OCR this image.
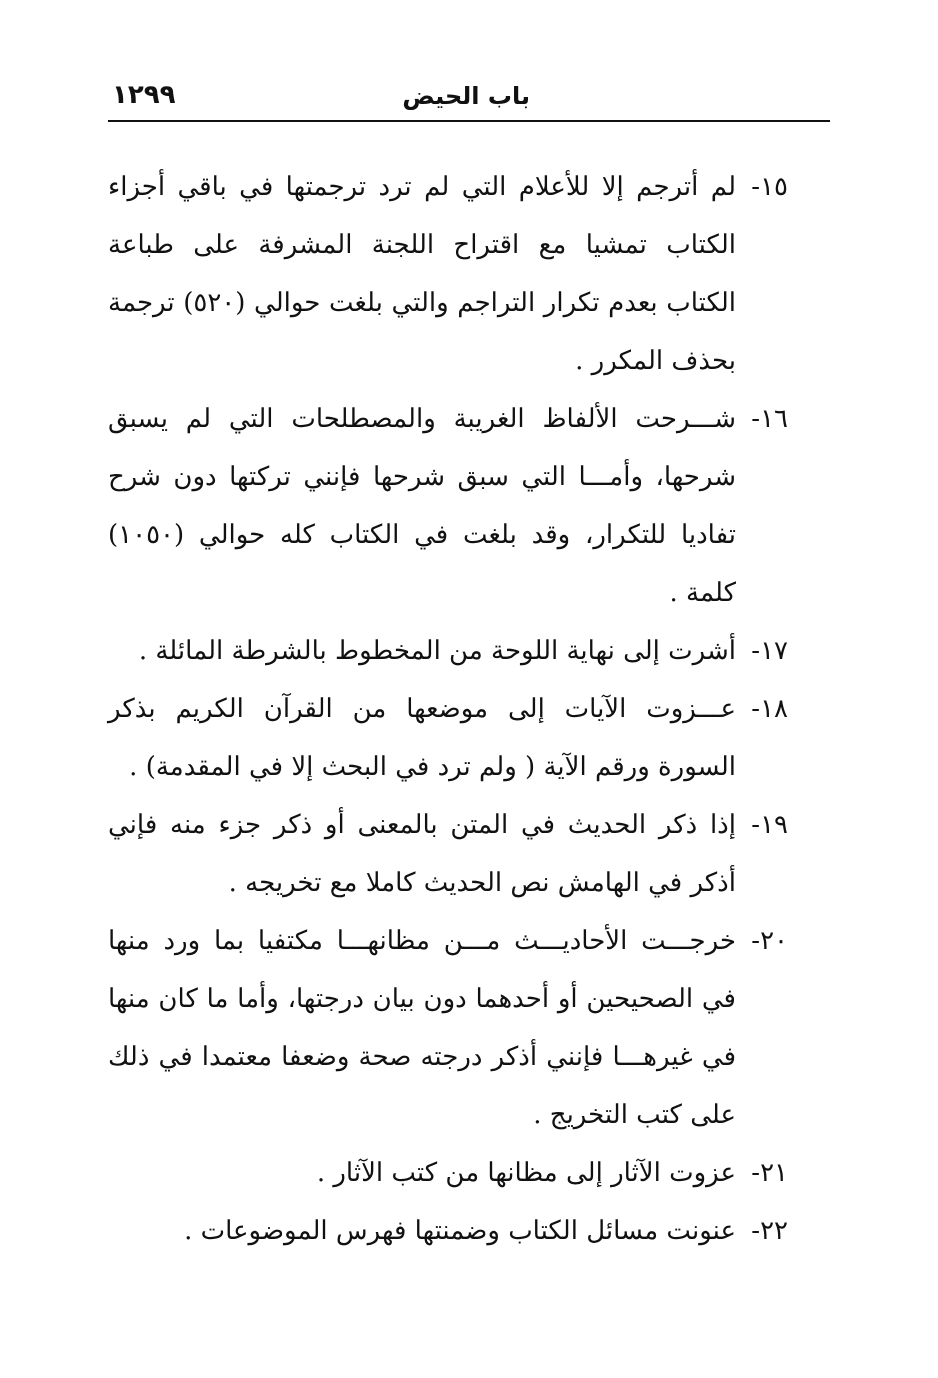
باب الحيض
١٢٩٩
١٥-
لم أترجم إلا للأعلام التي لم ترد ترجمتها في باقي أجزاء الكتاب تمشيا مع اقتراح اللجنة المشرفة على طباعة الكتاب بعدم تكرار التراجم والتي بلغت حوالي (٥٢٠) ترجمة بحذف المكرر .
١٦-
شـــرحت الألفاظ الغريبة والمصطلحات التي لم يسبق شرحها، وأمـــا التي سبق شرحها فإنني تركتها دون شرح تفاديا للتكرار، وقد بلغت في الكتاب كله حوالي (١٠٥٠) كلمة .
١٧-
أشرت إلى نهاية اللوحة من المخطوط بالشرطة المائلة .
١٨-
عـــزوت الآيات إلى موضعها من القرآن الكريم بذكر السورة ورقم الآية ( ولم ترد في البحث إلا في المقدمة) .
١٩-
إذا ذكر الحديث في المتن بالمعنى أو ذكر جزء منه فإني أذكر في الهامش نص الحديث كاملا مع تخريجه .
٢٠-
خرجـــت الأحاديـــث مـــن مظانهـــا مكتفيا بما ورد منها في الصحيحين أو أحدهما دون بيان درجتها، وأما ما كان منها في غيرهـــا فإنني أذكر درجته صحة وضعفا معتمدا في ذلك على كتب التخريج .
٢١-
عزوت الآثار إلى مظانها من كتب الآثار .
٢٢-
عنونت مسائل الكتاب وضمنتها فهرس الموضوعات .
